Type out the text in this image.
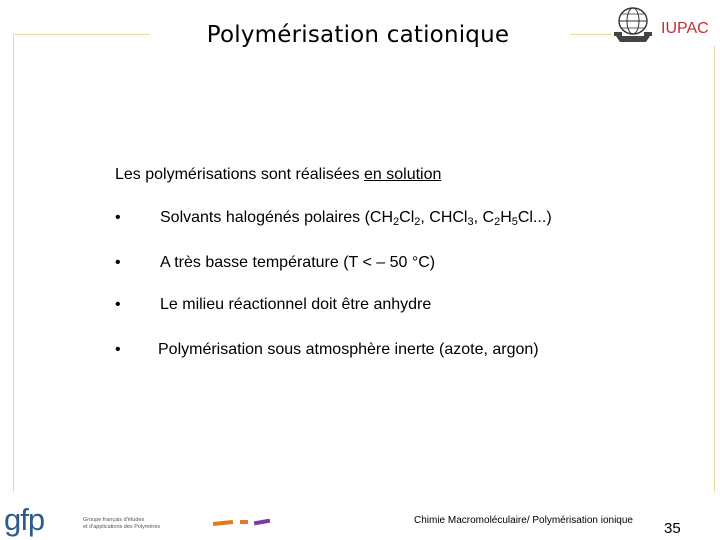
Polymérisation cationique	IUPAC
Les polymérisations sont réalisées en solution
•	Solvants halogénés polaires ($CH_2Cl_2$, CHCl$_3$, $C_2H_5Cl$...)
•	A très basse température (T < – 50 °C)
•	Le milieu réactionnel doit être anhydre
•	Polymérisation sous atmosphère inerte (azote, argon)
gfp	Groupe français d'études
et d'applications des Polymères
Chimie Macromoléculaire/ Polymérisation ionique 35
